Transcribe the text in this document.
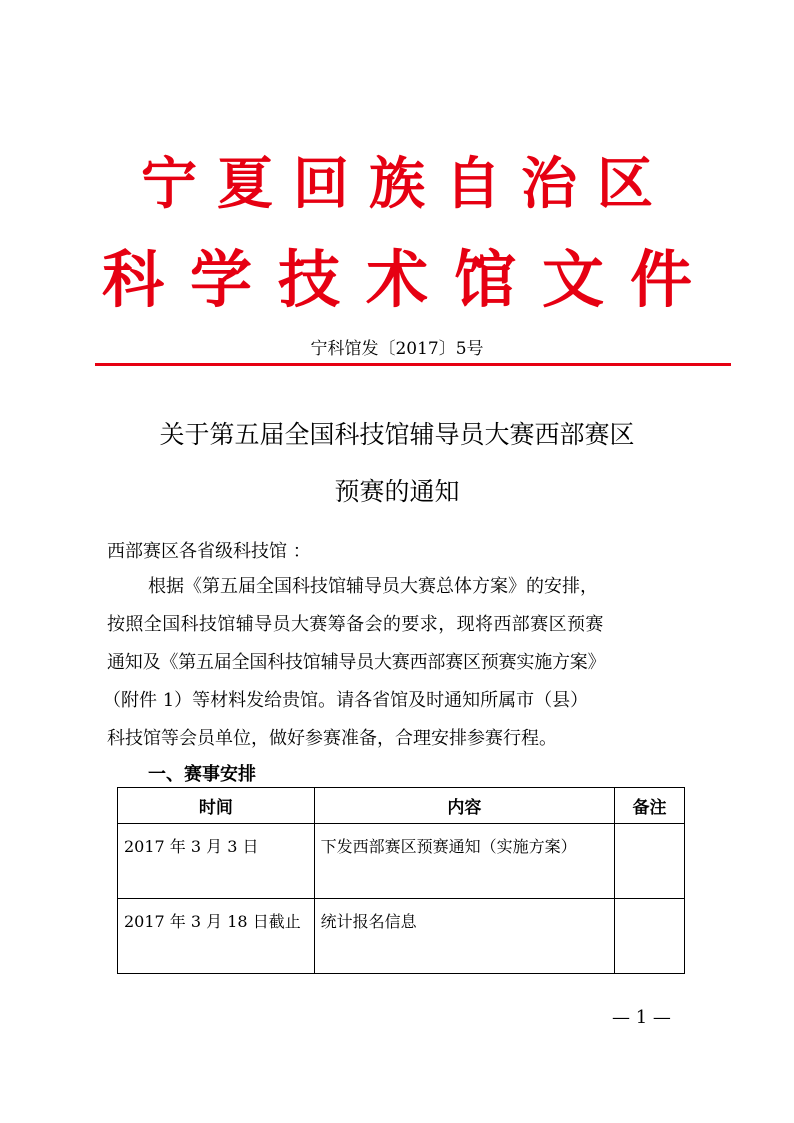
宁夏回族自治区
科学技术馆文件
宁科馆发〔2017〕5号
关于第五届全国科技馆辅导员大赛西部赛区
预赛的通知
西部赛区各省级科技馆 ：
根据《第五届全国科技馆辅导员大赛总体方案》的安排，
按照全国科技馆辅导员大赛筹备会的要求，现将西部赛区预赛
通知及《第五届全国科技馆辅导员大赛西部赛区预赛实施方案》
（附件 1）等材料发给贵馆。请各省馆及时通知所属市（县）
科技馆等会员单位，做好参赛准备，合理安排参赛行程。
一、赛事安排
时间	内容	备注

2017 年 3 月 3 日	下发西部赛区预赛通知（实施方案）	

2017 年 3 月 18 日截止	统计报名信息	

— 1 —
